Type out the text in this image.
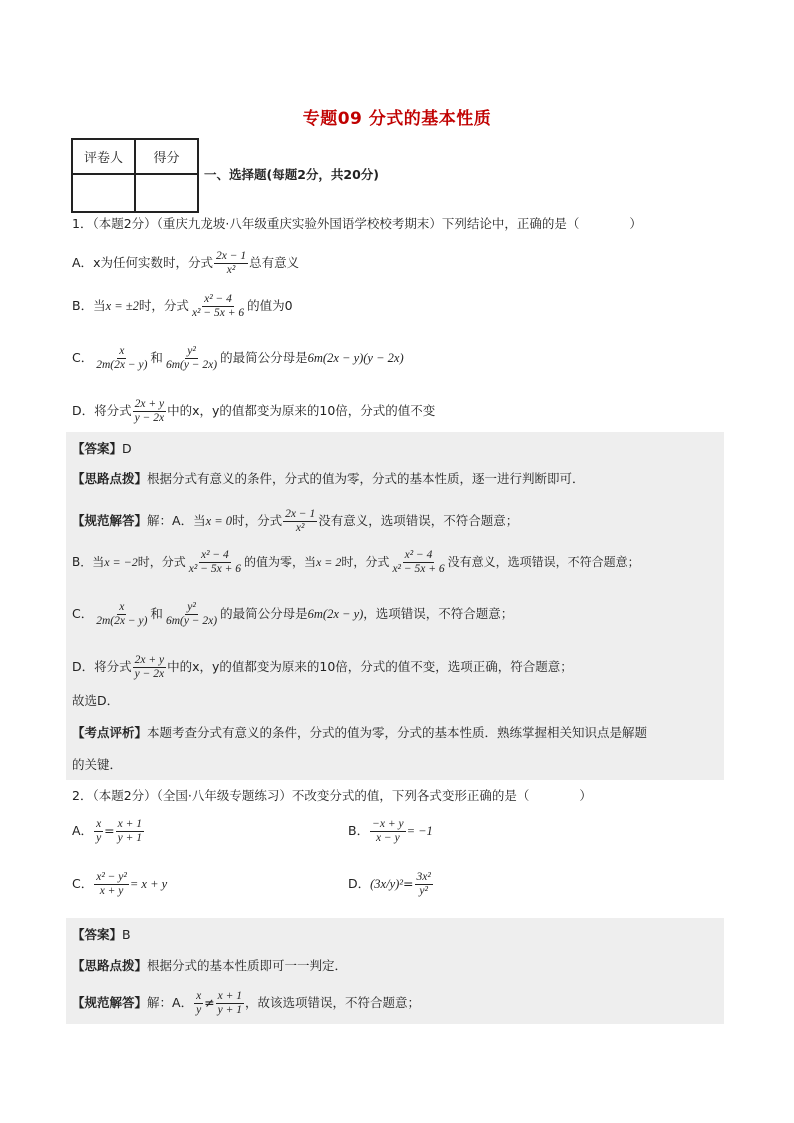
专题09 分式的基本性质
评卷人	得分

一、选择题(每题2分，共20分)
1．（本题2分）（重庆九龙坡·八年级重庆实验外国语学校校考期末）下列结论中，正确的是（　　　　）
A．x为任何实数时，分式 $\frac{2x - 1}{\text{x²}}$ 总有意义
B．当x = ±2时，分式 $\frac{\text{x² − 4}}{\text{x² − 5x + 6}}$ 的值为0
C． $\frac{x}{2m(2x - y)}$ 和 $\frac{\text{y²}}{6m(y - 2x)}$ 的最简公分母是6m(2x − y)(y − 2x)
D．将分式 $\frac{2x + y}{y - 2x}$ 中的x，y的值都变为原来的10倍，分式的值不变
【答案】D
【思路点拨】根据分式有意义的条件，分式的值为零，分式的基本性质，逐一进行判断即可．
【规范解答】解：A．当x = 0时，分式 $\frac{2x - 1}{\text{x²}}$ 没有意义，选项错误，不符合题意；
B．当x = −2时，分式 $\frac{\text{x² − 4}}{\text{x² − 5x + 6}}$ 的值为零，当x = 2时，分式 $\frac{\text{x² − 4}}{\text{x² − 5x + 6}}$ 没有意义，选项错误，不符合题意；
C． $\frac{x}{2m(2x - y)}$ 和 $\frac{\text{y²}}{6m(y - 2x)}$ 的最简公分母是6m(2x − y)，选项错误，不符合题意；
D．将分式 $\frac{2x + y}{y - 2x}$ 中的x，y的值都变为原来的10倍，分式的值不变，选项正确，符合题意；
故选D．
【考点评析】本题考查分式有意义的条件，分式的值为零，分式的基本性质．熟练掌握相关知识点是解题
的关键．
2．（本题2分）（全国·八年级专题练习）不改变分式的值，下列各式变形正确的是（　　　　）
A． $\frac{x}{y} = \frac{x + 1}{y + 1}$	B． $\frac{-x + y}{x - y} = -1$
C． $\frac{\text{x² − y²}}{x + y} = x + y$	D．$(3x/y)^2= \frac{\text{3x²}}{\text{y²}}$
【答案】B
【思路点拨】根据分式的基本性质即可一一判定．
【规范解答】解：A． $\frac{x}{y} \ne \frac{x + 1}{y + 1}$ ，故该选项错误，不符合题意；
